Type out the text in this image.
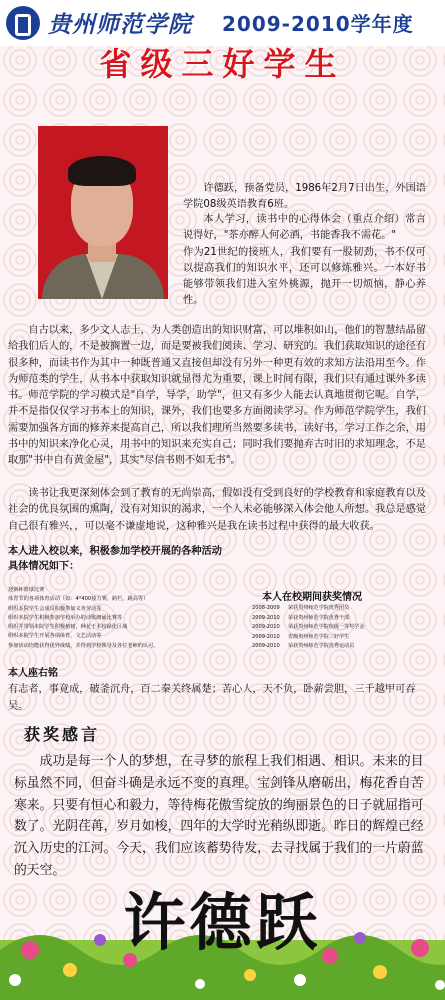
贵州师范学院 2009-2010学年度
省级三好学生
许德跃，预备党员，1986年2月7日出生，外国语学院08级英语教育6班。
本人学习，读书中的心得体会（重点介绍）常言说得好，"茶亦醉人何必酒，书能香我不需花。"
作为21世纪的接班人，我们要有一股韧劲，书不仅可以提高我们的知识水平，还可以修炼雅兴。一本好书能够带领我们进入室外桃源，抛开一切烦恼，静心养性。
自古以来，多少文人志士，为人类创造出的知识财富，可以堆积如山，他们的智慧结晶留给我们后人的，不是被搁置一边，而是要被我们阅读、学习、研究的。我们获取知识的途径有很多种，而读书作为其中一种既普通又直接但却没有另外一种更有效的求知方法沿用至今。作为师范类的学生，从书本中获取知识就显得尤为重要，课上时间有限，我们只有通过课外多读书。师范学院的学习模式是"自学，导学，助学"，但又有多少人能去认真地贯彻它呢。自学，并不是指仅仅学习书本上的知识，课外，我们也要多方面阅读学习。作为师范学院学生，我们需要加强各方面的修养来提高自己，所以我们理所当然要多读书，读好书，学习工作之余，用书中的知识来净化心灵，用书中的知识来充实自己；同时我们要抛弃古时旧的求知理念，不足取那"书中自有黄金屋"，其实"尽信书则不如无书"。
读书让我更深刻体会到了教育的无尚崇高，假如没有受到良好的学校教育和家庭教育以及社会的优良氛围的熏陶，没有对知识的渴求，一个人未必能够深入体会他人所想。我总是感觉自己很有雅兴，，可以毫不谦虚地说，这种雅兴是我在读书过程中获得的最大收获。
本人进入校以来，积极参加学校开展的各种活动
具体情况如下：
迎新杯篮球比赛
体育节的各项体育活动（如：4*400接力赛，跨栏，跳高等）
组织本院学生会成员积极参加义务劳动等
组织本院学生积极参加学校举办的诗歌朗诵比赛等
组织并带领本院学生积极植树，种花于本校绿化区域
组织本院学生开展各项体育，文艺活动等
参加活动均能获得优异成绩，并得到学校领导及各位老师的认可。
本人在校期间获奖情况
2008-2009 荣获贵州师范学院优秀团员
2009-2010 荣获贵州师范学院优秀干部
2009-2010 荣获贵州师范学院校级一等奖学金
2009-2010 省级贵州师范学院三好学生
2009-2010 荣获贵州师范学院优秀运动员
本人座右铭
有志者，事竟成，破釜沉舟，百二秦关终属楚；苦心人，天不负，卧薪尝胆，三千越甲可吞吴。
获奖感言
成功是每一个人的梦想，在寻梦的旅程上我们相遇、相识。未来的目标虽然不同，但奋斗确是永远不变的真理。宝剑锋从磨砺出，梅花香自苦寒来。只要有恒心和毅力，等待梅花傲雪绽放的绚丽景色的日子就屈指可数了。光阴荏苒，岁月如梭，四年的大学时光稍纵即逝。昨日的辉煌已经沉入历史的江河。今天，我们应该蓄势待发，去寻找属于我们的一片蔚蓝的天空。
许德跃
